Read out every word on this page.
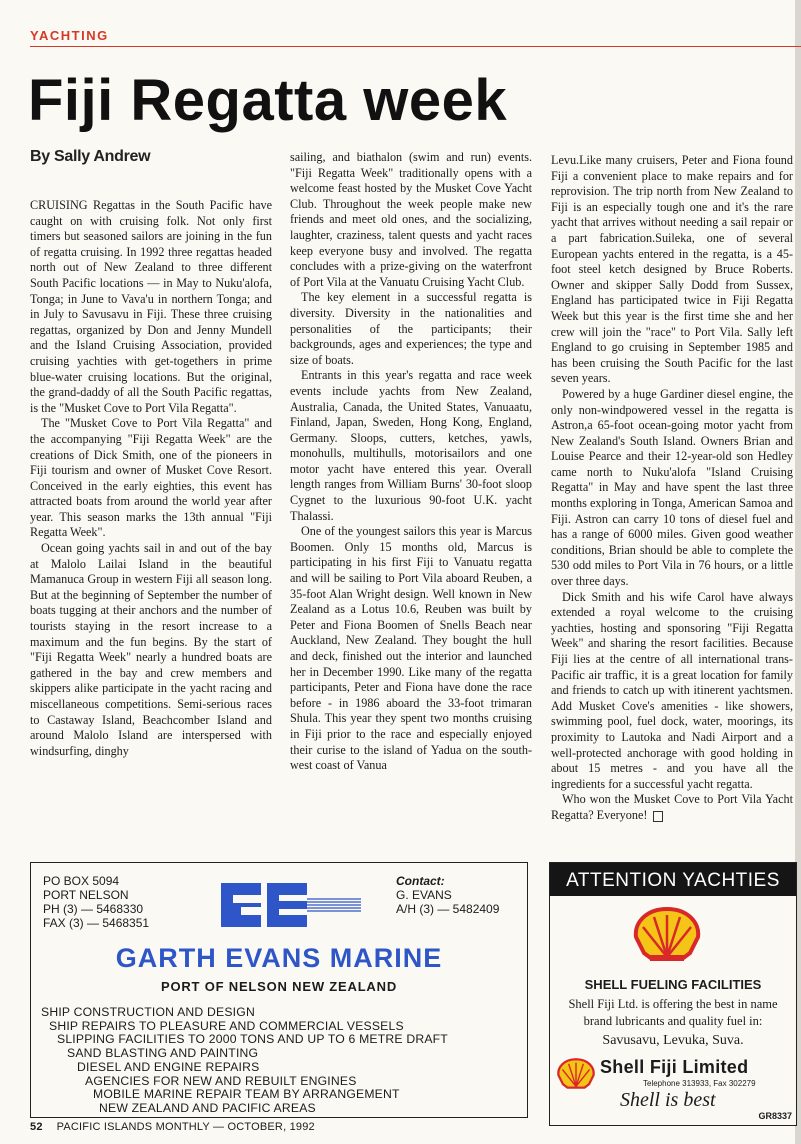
YACHTING
Fiji Regatta week
By Sally Andrew

CRUISING Regattas in the South Pacific have caught on with cruising folk. Not only first timers but seasoned sailors are joining in the fun of regatta cruising. In 1992 three regattas headed north out of New Zealand to three different South Pacific locations — in May to Nuku'alofa, Tonga; in June to Vava'u in northern Tonga; and in July to Savusavu in Fiji. These three cruising regattas, organized by Don and Jenny Mundell and the Island Cruising Association, provided cruising yachties with get-togethers in prime blue-water cruising locations. But the original, the grand-daddy of all the South Pacific regattas, is the "Musket Cove to Port Vila Regatta".

The "Musket Cove to Port Vila Regatta" and the accompanying "Fiji Regatta Week" are the creations of Dick Smith, one of the pioneers in Fiji tourism and owner of Musket Cove Resort. Conceived in the early eighties, this event has attracted boats from around the world year after year. This season marks the 13th annual "Fiji Regatta Week".

Ocean going yachts sail in and out of the bay at Malolo Lailai Island in the beautiful Mamanuca Group in western Fiji all season long. But at the beginning of September the number of boats tugging at their anchors and the number of tourists staying in the resort increase to a maximum and the fun begins. By the start of "Fiji Regatta Week" nearly a hundred boats are gathered in the bay and crew members and skippers alike participate in the yacht racing and miscellaneous competitions. Semi-serious races to Castaway Island, Beachcomber Island and around Malolo Island are interspersed with windsurfing, dinghy

sailing, and biathalon (swim and run) events. "Fiji Regatta Week" traditionally opens with a welcome feast hosted by the Musket Cove Yacht Club. Throughout the week people make new friends and meet old ones, and the socializing, laughter, craziness, talent quests and yacht races keep everyone busy and involved. The regatta concludes with a prize-giving on the waterfront of Port Vila at the Vanuatu Cruising Yacht Club.

The key element in a successful regatta is diversity. Diversity in the nationalities and personalities of the participants; their backgrounds, ages and experiences; the type and size of boats.

Entrants in this year's regatta and race week events include yachts from New Zealand, Australia, Canada, the United States, Vanuaatu, Finland, Japan, Sweden, Hong Kong, England, Germany. Sloops, cutters, ketches, yawls, monohulls, multihulls, motorisailors and one motor yacht have entered this year. Overall length ranges from William Burns' 30-foot sloop Cygnet to the luxurious 90-foot U.K. yacht Thalassi.

One of the youngest sailors this year is Marcus Boomen. Only 15 months old, Marcus is participating in his first Fiji to Vanuatu regatta and will be sailing to Port Vila aboard Reuben, a 35-foot Alan Wright design. Well known in New Zealand as a Lotus 10.6, Reuben was built by Peter and Fiona Boomen of Snells Beach near Auckland, New Zealand. They bought the hull and deck, finished out the interior and launched her in December 1990. Like many of the regatta participants, Peter and Fiona have done the race before - in 1986 aboard the 33-foot trimaran Shula. This year they spent two months cruising in Fiji prior to the race and especially enjoyed their curise to the island of Yadua on the south-west coast of Vanua

Levu.Like many cruisers, Peter and Fiona found Fiji a convenient place to make repairs and for reprovision. The trip north from New Zealand to Fiji is an especially tough one and it's the rare yacht that arrives without needing a sail repair or a part fabrication.Suileka, one of several European yachts entered in the regatta, is a 45-foot steel ketch designed by Bruce Roberts. Owner and skipper Sally Dodd from Sussex, England has participated twice in Fiji Regatta Week but this year is the first time she and her crew will join the "race" to Port Vila. Sally left England to go cruising in September 1985 and has been cruising the South Pacific for the last seven years.

Powered by a huge Gardiner diesel engine, the only non-windpowered vessel in the regatta is Astron,a 65-foot ocean-going motor yacht from New Zealand's South Island. Owners Brian and Louise Pearce and their 12-year-old son Hedley came north to Nuku'alofa "Island Cruising Regatta" in May and have spent the last three months exploring in Tonga, American Samoa and Fiji. Astron can carry 10 tons of diesel fuel and has a range of 6000 miles. Given good weather conditions, Brian should be able to complete the 530 odd miles to Port Vila in 76 hours, or a little over three days.

Dick Smith and his wife Carol have always extended a royal welcome to the cruising yachties, hosting and sponsoring "Fiji Regatta Week" and sharing the resort facilities. Because Fiji lies at the centre of all international trans-Pacific air traffic, it is a great location for family and friends to catch up with itinerent yachtsmen. Add Musket Cove's amenities - like showers, swimming pool, fuel dock, water, moorings, its proximity to Lautoka and Nadi Airport and a well-protected anchorage with good holding in about 15 metres - and you have all the ingredients for a successful yacht regatta.

Who won the Musket Cove to Port Vila Yacht Regatta? Everyone!

PO BOX 5094
PORT NELSON
PH (3) — 5468330
FAX (3) — 5468351
Contact:
G. EVANS
A/H (3) — 5482409
GARTH EVANS MARINE
PORT OF NELSON NEW ZEALAND
SHIP CONSTRUCTION AND DESIGN
SHIP REPAIRS TO PLEASURE AND COMMERCIAL VESSELS
SLIPPING FACILITIES TO 2000 TONS AND UP TO 6 METRE DRAFT
SAND BLASTING AND PAINTING
DIESEL AND ENGINE REPAIRS
AGENCIES FOR NEW AND REBUILT ENGINES
MOBILE MARINE REPAIR TEAM BY ARRANGEMENT
NEW ZEALAND AND PACIFIC AREAS
ATTENTION YACHTIES
SHELL FUELING FACILITIES
Shell Fiji Ltd. is offering the best in name brand lubricants and quality fuel in:
Savusavu, Levuka, Suva.
Shell Fiji Limited
Telephone 313933, Fax 302279
Shell is best
GR8337
52 PACIFIC ISLANDS MONTHLY — OCTOBER, 1992
